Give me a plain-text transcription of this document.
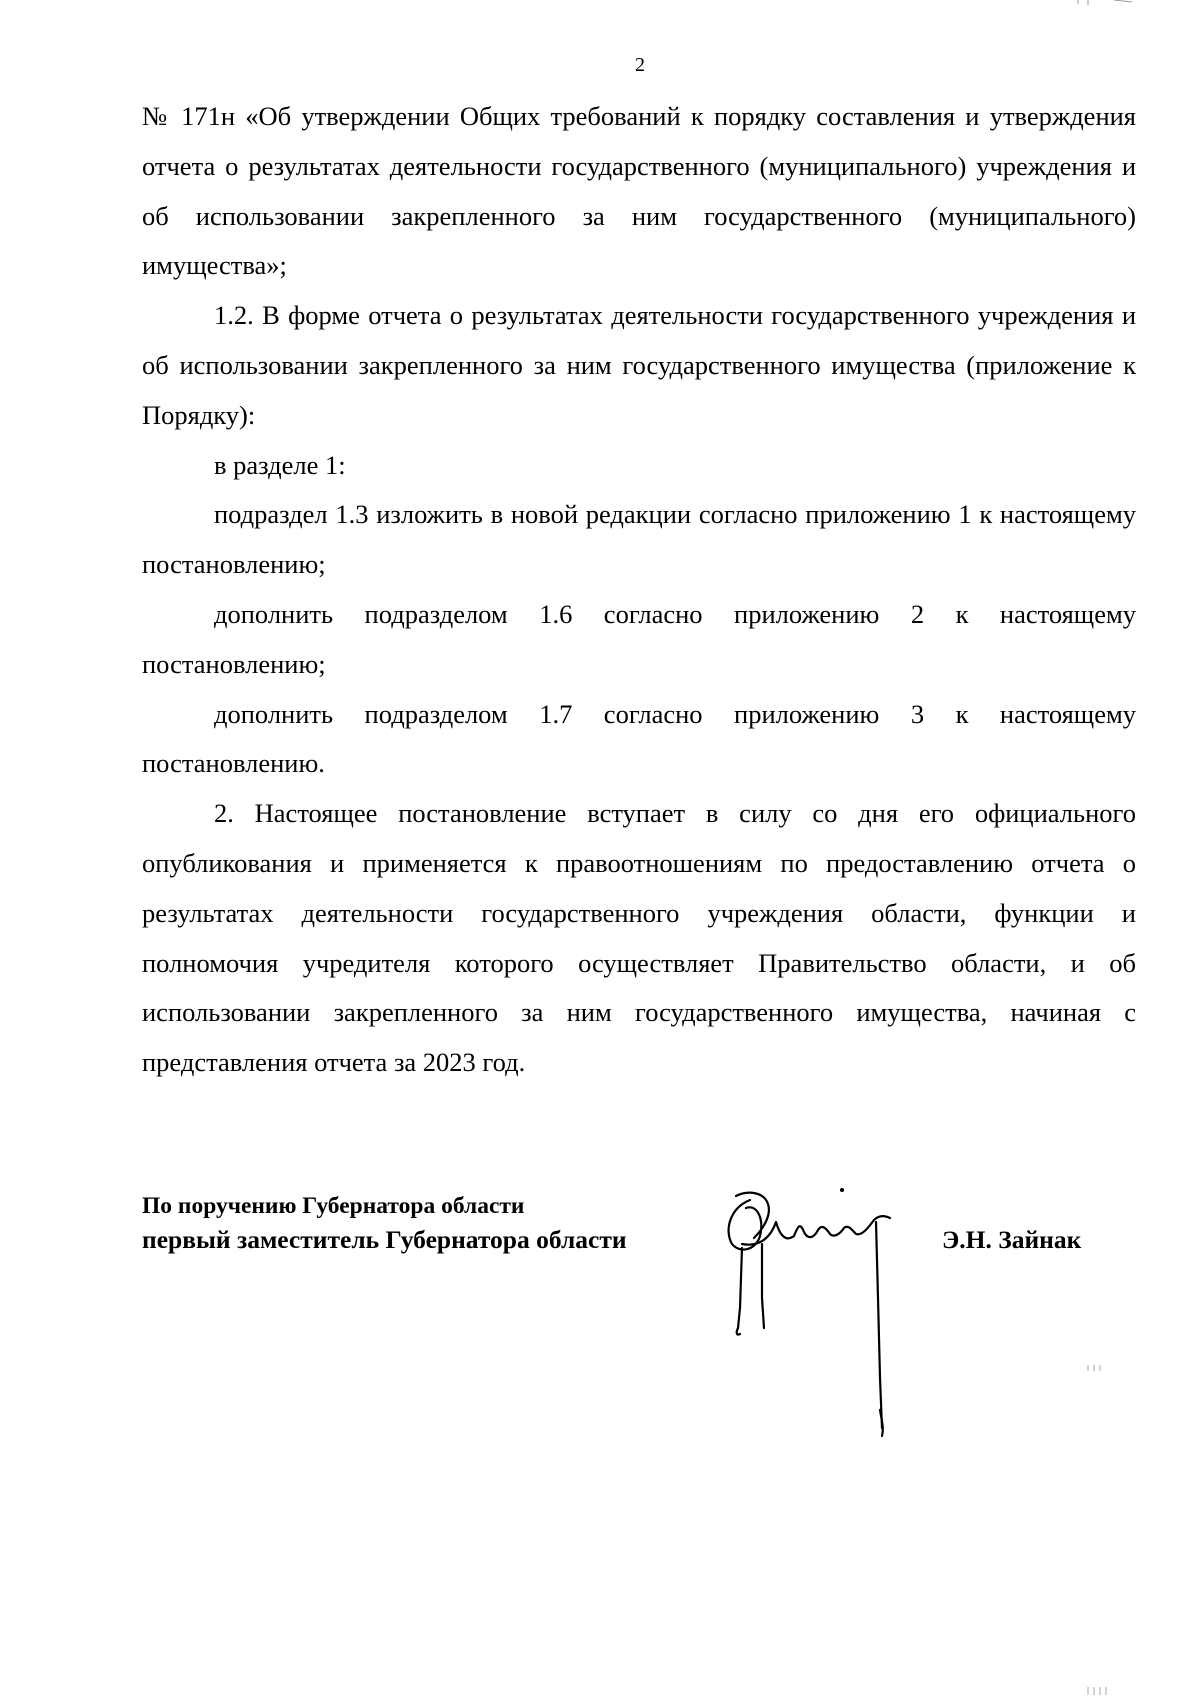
2

№ 171н «Об утверждении Общих требований к порядку составления и утверждения отчета о результатах деятельности государственного (муниципального) учреждения и об использовании закрепленного за ним государственного (муниципального) имущества»;

1.2. В форме отчета о результатах деятельности государственного учреждения и об использовании закрепленного за ним государственного имущества (приложение к Порядку):

в разделе 1:

подраздел 1.3 изложить в новой редакции согласно приложению 1 к настоящему постановлению;

дополнить подразделом 1.6 согласно приложению 2 к настоящему постановлению;

дополнить подразделом 1.7 согласно приложению 3 к настоящему постановлению.

2. Настоящее постановление вступает в силу со дня его официального опубликования и применяется к правоотношениям по предоставлению отчета о результатах деятельности государственного учреждения области, функции и полномочия учредителя которого осуществляет Правительство области, и об использовании закрепленного за ним государственного имущества, начиная с представления отчета за 2023 год.

По поручению Губернатора области
первый заместитель Губернатора области	Э.Н. Зайнак
